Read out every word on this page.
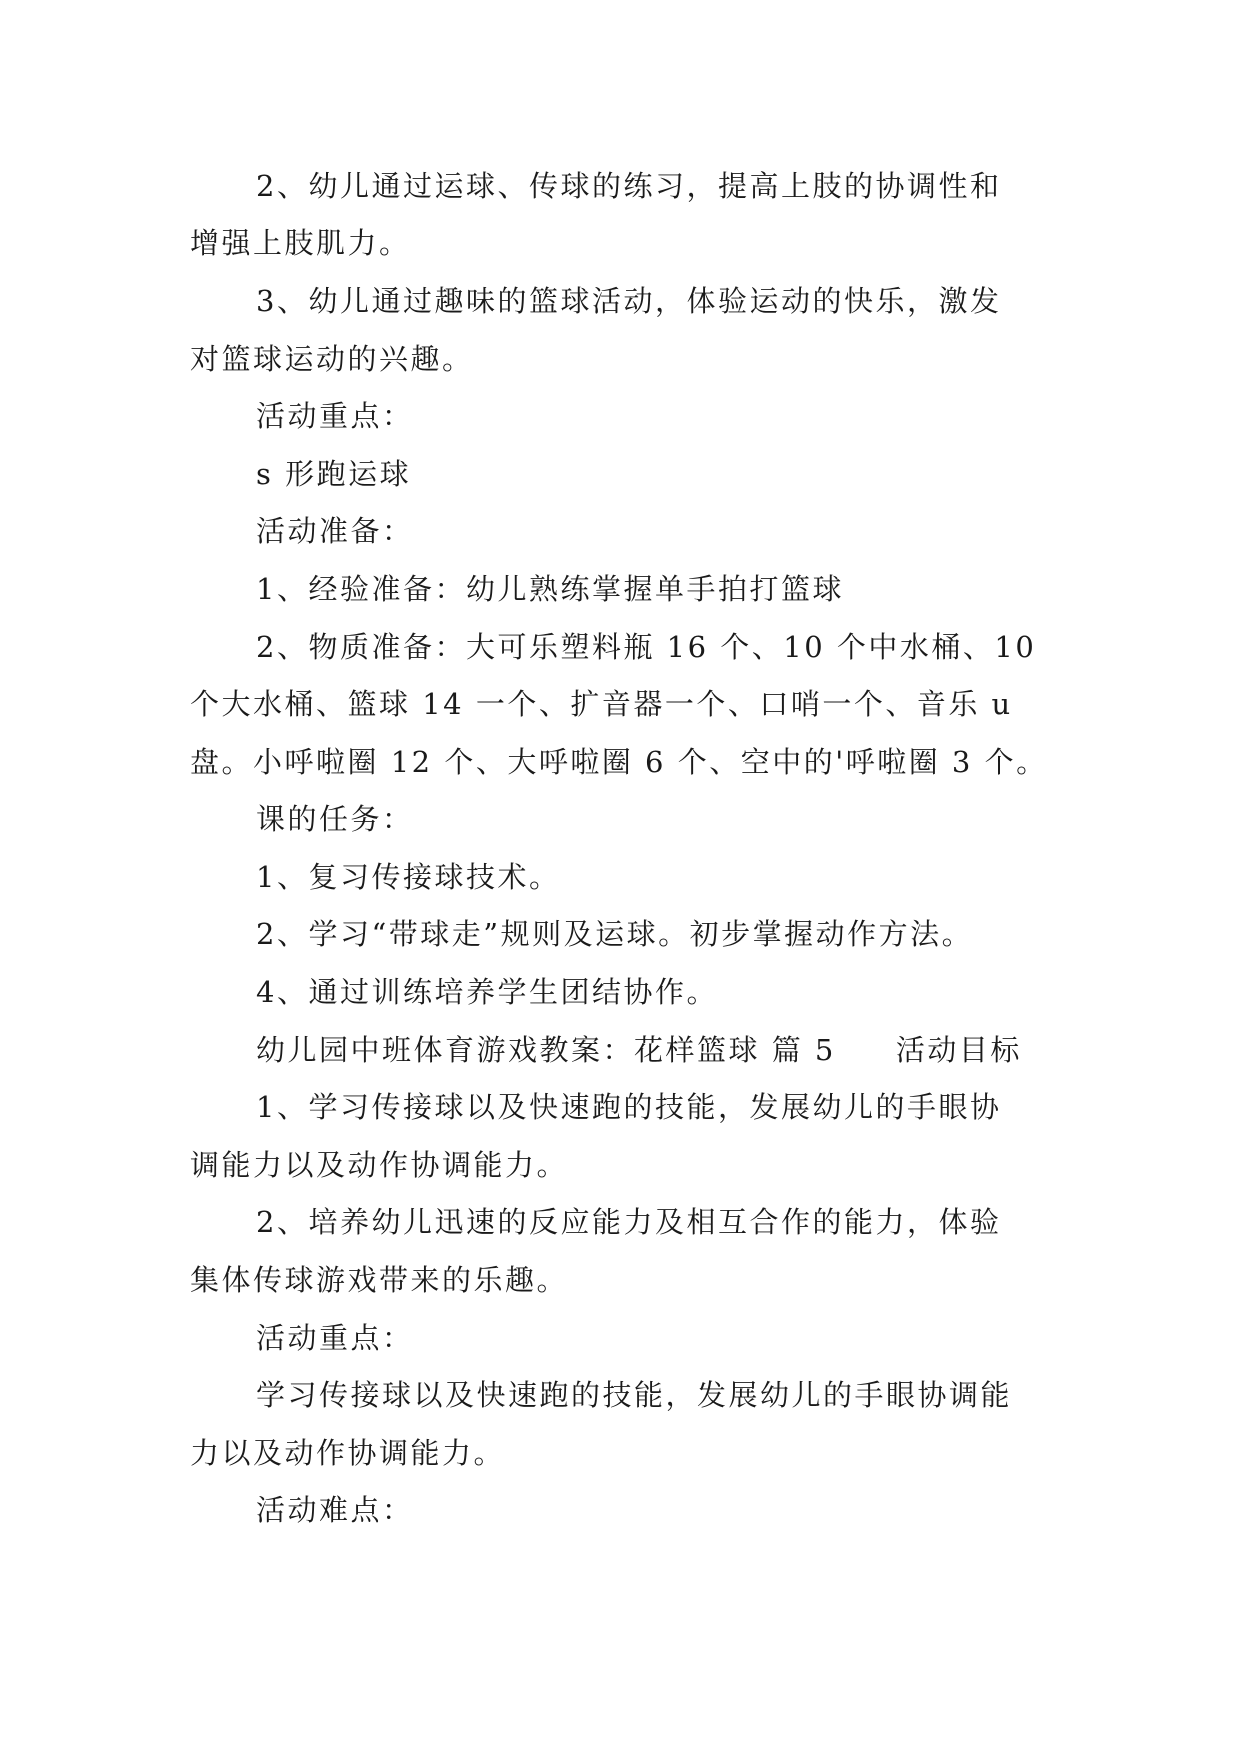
2、幼儿通过运球、传球的练习，提高上肢的协调性和
增强上肢肌力。
3、幼儿通过趣味的篮球活动，体验运动的快乐，激发
对篮球运动的兴趣。
活动重点：
s 形跑运球
活动准备：
1、经验准备：幼儿熟练掌握单手拍打篮球
2、物质准备：大可乐塑料瓶 16 个、10 个中水桶、10
个大水桶、篮球 14 一个、扩音器一个、口哨一个、音乐 u
盘。小呼啦圈 12 个、大呼啦圈 6 个、空中的'呼啦圈 3 个。
课的任务：
1、复习传接球技术。
2、学习“带球走”规则及运球。初步掌握动作方法。
4、通过训练培养学生团结协作。
幼儿园中班体育游戏教案：花样篮球 篇 5 活动目标
1、学习传接球以及快速跑的技能，发展幼儿的手眼协
调能力以及动作协调能力。
2、培养幼儿迅速的反应能力及相互合作的能力，体验
集体传球游戏带来的乐趣。
活动重点：
学习传接球以及快速跑的技能，发展幼儿的手眼协调能
力以及动作协调能力。
活动难点：
